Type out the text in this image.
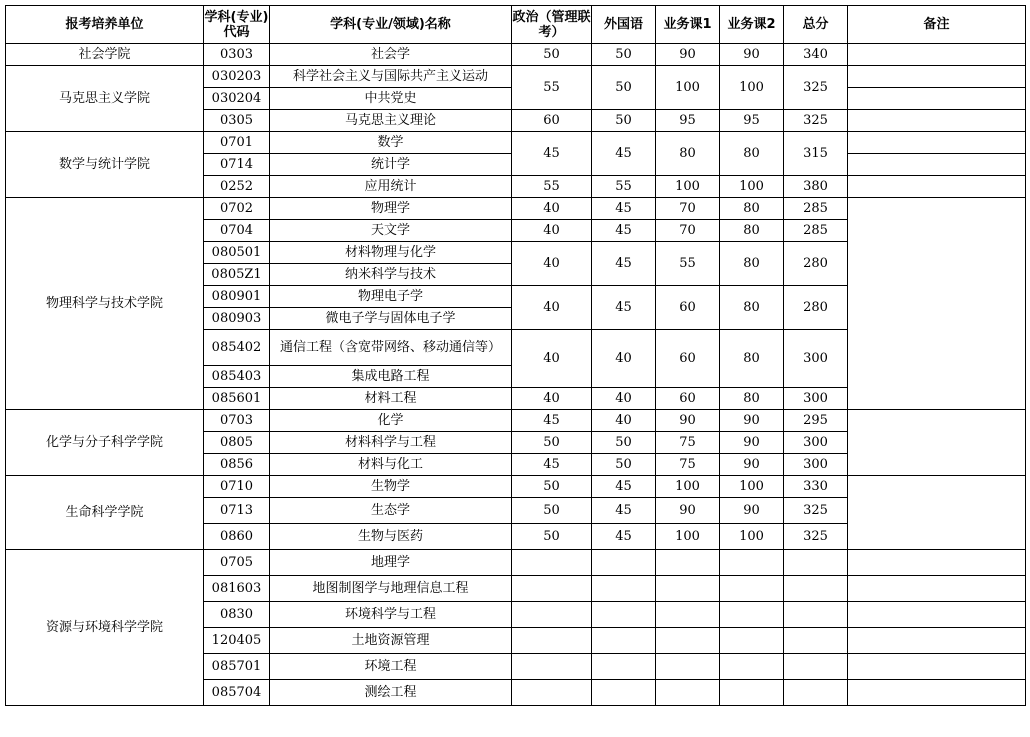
报考培养单位	学科(专业)代码	学科(专业/领域)名称	政治（管理联考）	外国语	业务课1	业务课2	总分	备注
社会学院	0303	社会学	50	50	90	90	340	
马克思主义学院	030203	科学社会主义与国际共产主义运动	55	50	100	100	325	
	030204	中共党史						
	0305	马克思主义理论	60	50	95	95	325	
数学与统计学院	0701	数学	45	45	80	80	315	
	0714	统计学						
	0252	应用统计	55	55	100	100	380	
物理科学与技术学院	0702	物理学	40	45	70	80	285	
	0704	天文学	40	45	70	80	285	
	080501	材料物理与化学	40	45	55	80	280	
	0805Z1	纳米科学与技术						
	080901	物理电子学	40	45	60	80	280	
	080903	微电子学与固体电子学						
	085402	通信工程（含宽带网络、移动通信等）	40	40	60	80	300	
	085403	集成电路工程						
	085601	材料工程	40	40	60	80	300	
化学与分子科学学院	0703	化学	45	40	90	90	295	
	0805	材料科学与工程	50	50	75	90	300	
	0856	材料与化工	45	50	75	90	300	
生命科学学院	0710	生物学	50	45	100	100	330	
	0713	生态学	50	45	90	90	325	
	0860	生物与医药	50	45	100	100	325	
资源与环境科学学院	0705	地理学						
	081603	地图制图学与地理信息工程						
	0830	环境科学与工程						
	120405	土地资源管理						
	085701	环境工程						
	085704	测绘工程						
